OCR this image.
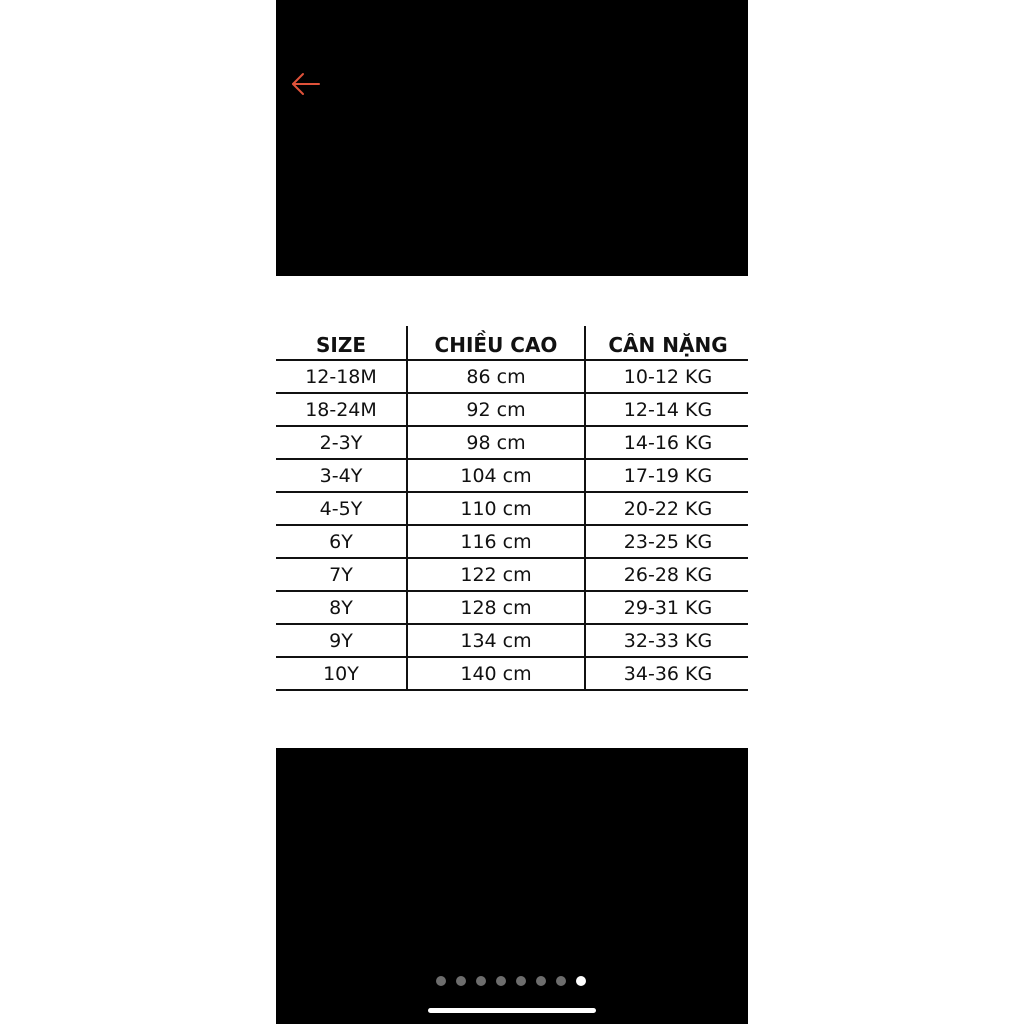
SIZE	CHIỀU CAO	CÂN NẶNG
12-18M	86 cm	10-12 KG
18-24M	92 cm	12-14 KG
2-3Y	98 cm	14-16 KG
3-4Y	104 cm	17-19 KG
4-5Y	110 cm	20-22 KG
6Y	116 cm	23-25 KG
7Y	122 cm	26-28 KG
8Y	128 cm	29-31 KG
9Y	134 cm	32-33 KG
10Y	140 cm	34-36 KG
